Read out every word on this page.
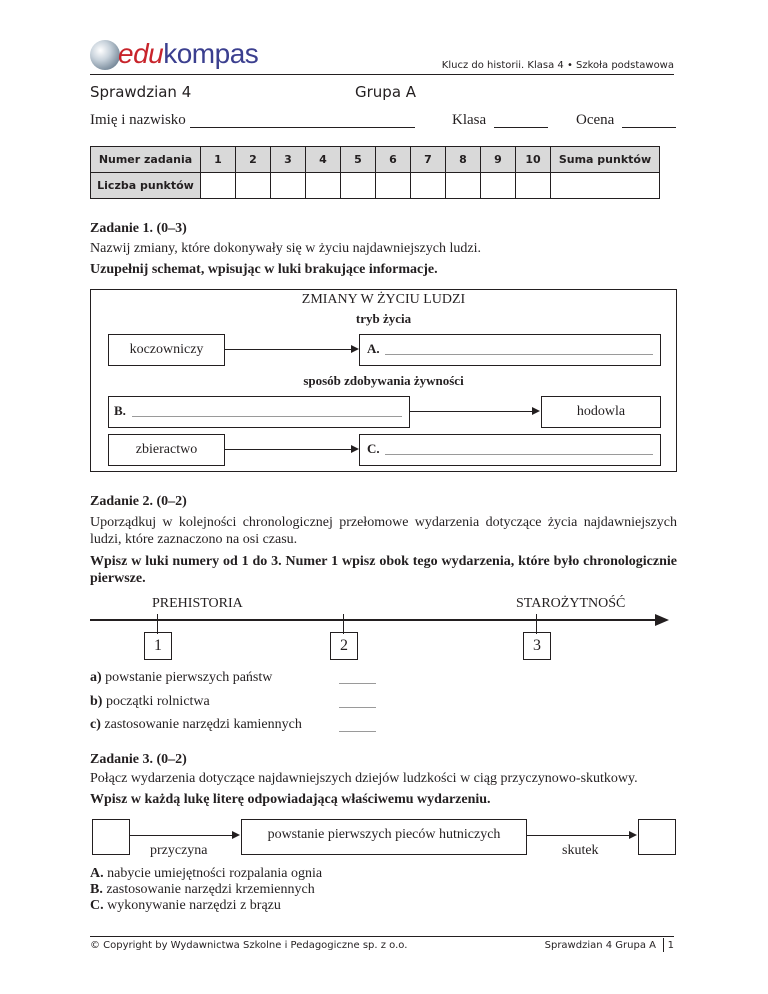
edukompas	Klucz do historii. Klasa 4 • Szkoła podstawowa
Sprawdzian 4	Grupa A
Imię i nazwisko	Klasa	Ocena
Numer zadania	1	2	3	4	5	6	7	8	9	10	Suma punktów
Liczba punktów											
Zadanie 1. (0–3)
Nazwij zmiany, które dokonywały się w życiu najdawniejszych ludzi.
Uzupełnij schemat, wpisując w luki brakujące informacje.
ZMIANY W ŻYCIU LUDZI
tryb życia
koczowniczy	A.
sposób zdobywania żywności
B.	hodowla
zbieractwo	C.
Zadanie 2. (0–2)
Uporządkuj w kolejności chronologicznej przełomowe wydarzenia dotyczące życia najdawniejszych ludzi, które zaznaczono na osi czasu.
Wpisz w luki numery od 1 do 3. Numer 1 wpisz obok tego wydarzenia, które było chronologicznie pierwsze.
PREHISTORIA	STAROŻYTNOŚĆ
1	2	3
a) powstanie pierwszych państw
b) początki rolnictwa
c) zastosowanie narzędzi kamiennych
Zadanie 3. (0–2)
Połącz wydarzenia dotyczące najdawniejszych dziejów ludzkości w ciąg przyczynowo-skutkowy.
Wpisz w każdą lukę literę odpowiadającą właściwemu wydarzeniu.
przyczyna
powstanie pierwszych pieców hutniczych
skutek
A. nabycie umiejętności rozpalania ognia
B. zastosowanie narzędzi krzemiennych
C. wykonywanie narzędzi z brązu
© Copyright by Wydawnictwa Szkolne i Pedagogiczne sp. z o.o.	Sprawdzian 4 Grupa A 1
